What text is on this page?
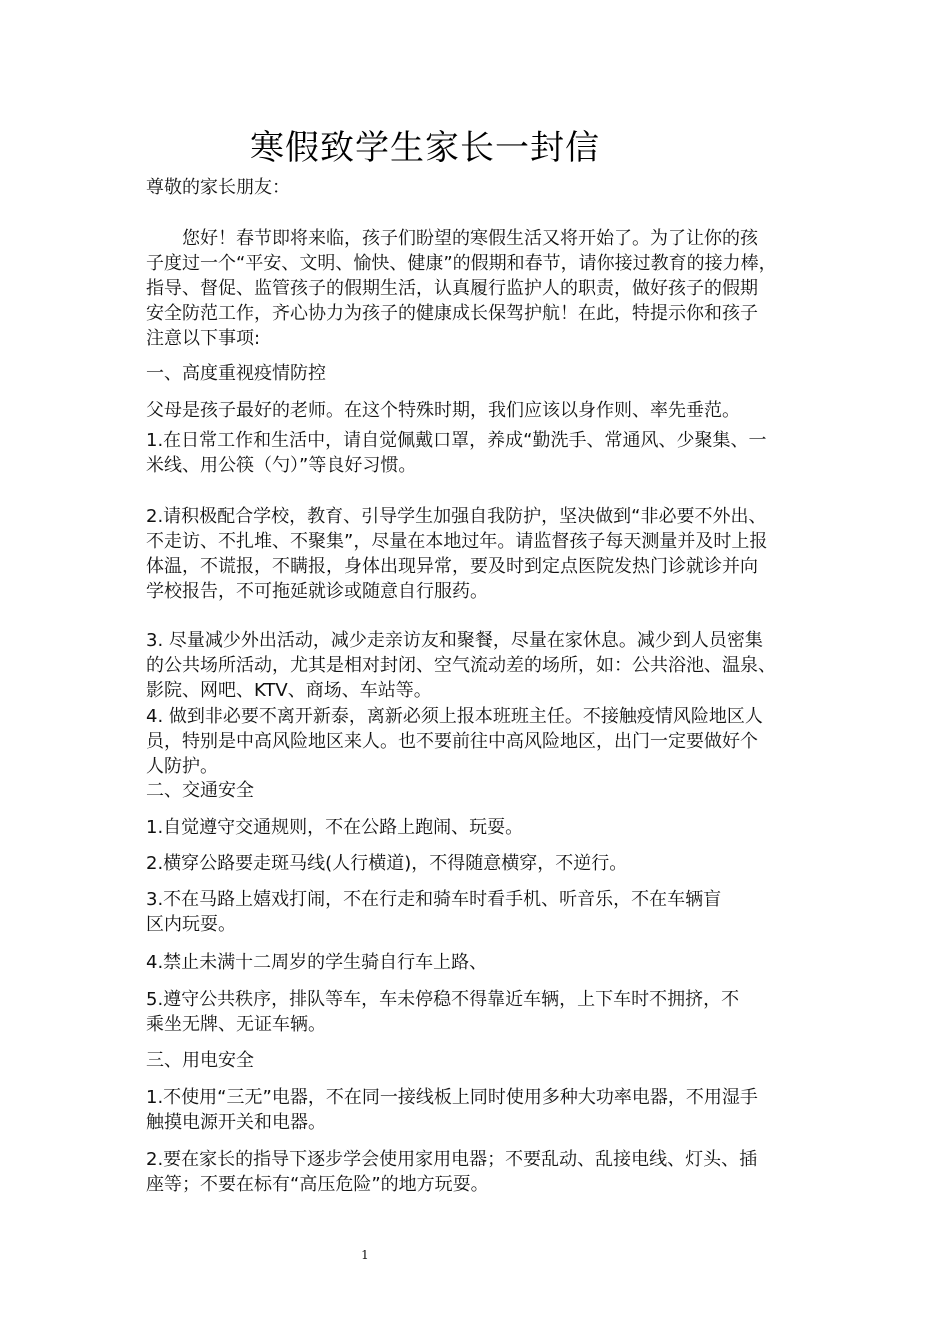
寒假致学生家长一封信
尊敬的家长朋友：
　　您好！春节即将来临，孩子们盼望的寒假生活又将开始了。为了让你的孩
子度过一个“平安、文明、愉快、健康”的假期和春节，请你接过教育的接力棒，
指导、督促、监管孩子的假期生活，认真履行监护人的职责，做好孩子的假期
安全防范工作，齐心协力为孩子的健康成长保驾护航！在此，特提示你和孩子
注意以下事项:
一、高度重视疫情防控
父母是孩子最好的老师。在这个特殊时期，我们应该以身作则、率先垂范。
1.在日常工作和生活中，请自觉佩戴口罩，养成“勤洗手、常通风、少聚集、一
米线、用公筷（勺）”等良好习惯。
2.请积极配合学校，教育、引导学生加强自我防护，坚决做到“非必要不外出、
不走访、不扎堆、不聚集”，尽量在本地过年。请监督孩子每天测量并及时上报
体温，不谎报，不瞒报，身体出现异常，要及时到定点医院发热门诊就诊并向
学校报告，不可拖延就诊或随意自行服药。
3. 尽量减少外出活动，减少走亲访友和聚餐，尽量在家休息。减少到人员密集
的公共场所活动，尤其是相对封闭、空气流动差的场所，如：公共浴池、温泉、
影院、网吧、KTV、商场、车站等。
4. 做到非必要不离开新泰，离新必须上报本班班主任。不接触疫情风险地区人
员，特别是中高风险地区来人。也不要前往中高风险地区，出门一定要做好个
人防护。
二、交通安全
1.自觉遵守交通规则，不在公路上跑闹、玩耍。
2.横穿公路要走斑马线(人行横道)，不得随意横穿，不逆行。
3.不在马路上嬉戏打闹，不在行走和骑车时看手机、听音乐，不在车辆盲
区内玩耍。
4.禁止未满十二周岁的学生骑自行车上路、
5.遵守公共秩序，排队等车，车未停稳不得靠近车辆，上下车时不拥挤，不
乘坐无牌、无证车辆。
三、用电安全
1.不使用“三无”电器，不在同一接线板上同时使用多种大功率电器，不用湿手
触摸电源开关和电器。
2.要在家长的指导下逐步学会使用家用电器；不要乱动、乱接电线、灯头、插
座等；不要在标有“高压危险”的地方玩耍。
1
